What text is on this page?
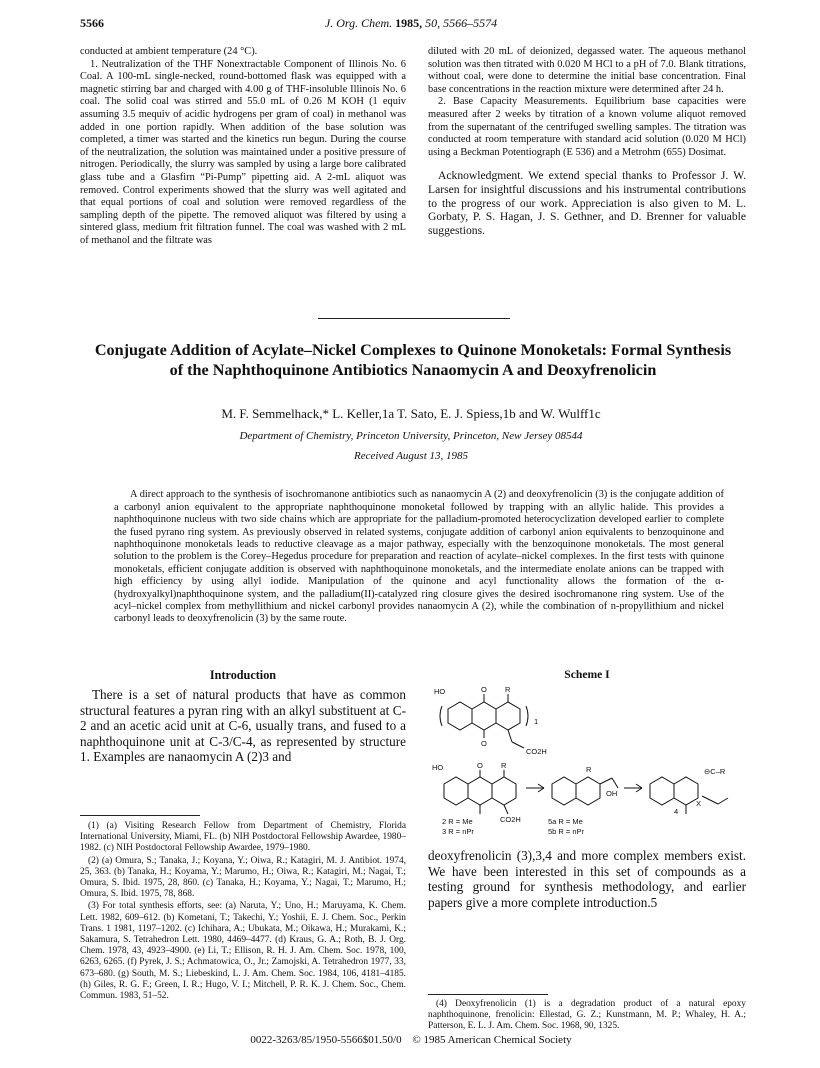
5566	J. Org. Chem. 1985, 50, 5566–5574

conducted at ambient temperature (24 °C).

1. Neutralization of the THF Nonextractable Component of Illinois No. 6 Coal. A 100-mL single-necked, round-bottomed flask was equipped with a magnetic stirring bar and charged with 4.00 g of THF-insoluble Illinois No. 6 coal. The solid coal was stirred and 55.0 mL of 0.26 M KOH (1 equiv assuming 3.5 mequiv of acidic hydrogens per gram of coal) in methanol was added in one portion rapidly. When addition of the base solution was completed, a timer was started and the kinetics run begun. During the course of the neutralization, the solution was maintained under a positive pressure of nitrogen. Periodically, the slurry was sampled by using a large bore calibrated glass tube and a Glasfirn “Pi-Pump” pipetting aid. A 2-mL aliquot was removed. Control experiments showed that the slurry was well agitated and that equal portions of coal and solution were removed regardless of the sampling depth of the pipette. The removed aliquot was filtered by using a sintered glass, medium frit filtration funnel. The coal was washed with 2 mL of methanol and the filtrate was

diluted with 20 mL of deionized, degassed water. The aqueous methanol solution was then titrated with 0.020 M HCl to a pH of 7.0. Blank titrations, without coal, were done to determine the initial base concentration. Final base concentrations in the reaction mixture were determined after 24 h.

2. Base Capacity Measurements. Equilibrium base capacities were measured after 2 weeks by titration of a known volume aliquot removed from the supernatant of the centrifuged swelling samples. The titration was conducted at room temperature with standard acid solution (0.020 M HCl) using a Beckman Potentiograph (E 536) and a Metrohm (655) Dosimat.

Acknowledgment. We extend special thanks to Professor J. W. Larsen for insightful discussions and his instrumental contributions to the progress of our work. Appreciation is also given to M. L. Gorbaty, P. S. Hagan, J. S. Gethner, and D. Brenner for valuable suggestions.

Conjugate Addition of Acylate–Nickel Complexes to Quinone Monoketals: Formal Synthesis of the Naphthoquinone Antibiotics Nanaomycin A and Deoxyfrenolicin
M. F. Semmelhack,* L. Keller,1a T. Sato, E. J. Spiess,1b and W. Wulff1c
Department of Chemistry, Princeton University, Princeton, New Jersey 08544
Received August 13, 1985

A direct approach to the synthesis of isochromanone antibiotics such as nanaomycin A (2) and deoxyfrenolicin (3) is the conjugate addition of a carbonyl anion equivalent to the appropriate naphthoquinone monoketal followed by trapping with an allylic halide. This provides a naphthoquinone nucleus with two side chains which are appropriate for the palladium-promoted heterocyclization developed earlier to complete the fused pyrano ring system. As previously observed in related systems, conjugate addition of carbonyl anion equivalents to benzoquinone and naphthoquinone monoketals leads to reductive cleavage as a major pathway, especially with the benzoquinone monoketals. The most general solution to the problem is the Corey–Hegedus procedure for preparation and reaction of acylate–nickel complexes. In the first tests with quinone monoketals, efficient conjugate addition is observed with naphthoquinone monoketals, and the intermediate enolate anions can be trapped with high efficiency by using allyl iodide. Manipulation of the quinone and acyl functionality allows the formation of the α-(hydroxyalkyl)naphthoquinone system, and the palladium(II)-catalyzed ring closure gives the desired isochromanone ring system. Use of the acyl–nickel complex from methyllithium and nickel carbonyl provides nanaomycin A (2), while the combination of n-propyllithium and nickel carbonyl leads to deoxyfrenolicin (3) by the same route.

Introduction

There is a set of natural products that have as common structural features a pyran ring with an alkyl substituent at C-2 and an acetic acid unit at C-6, usually trans, and fused to a naphthoquinone unit at C-3/C-4, as represented by structure 1. Examples are nanaomycin A (2)3 and

(1) (a) Visiting Research Fellow from Department of Chemistry, Florida International University, Miami, FL. (b) NIH Postdoctoral Fellowship Awardee, 1980–1982. (c) NIH Postdoctoral Fellowship Awardee, 1979–1980.

(2) (a) Omura, S.; Tanaka, J.; Koyana, Y.; Oiwa, R.; Katagiri, M. J. Antibiot. 1974, 25, 363. (b) Tanaka, H.; Koyama, Y.; Marumo, H.; Oiwa, R.; Katagiri, M.; Nagai, T.; Omura, S. Ibid. 1975, 28, 860. (c) Tanaka, H.; Koyama, Y.; Nagai, T.; Marumo, H.; Omura, S. Ibid. 1975, 78, 868.

(3) For total synthesis efforts, see: (a) Naruta, Y.; Uno, H.; Maruyama, K. Chem. Lett. 1982, 609–612. (b) Kometani, T.; Takechi, Y.; Yoshii, E. J. Chem. Soc., Perkin Trans. 1 1981, 1197–1202. (c) Ichihara, A.; Ubukata, M.; Oikawa, H.; Murakami, K.; Sakamura, S. Tetrahedron Lett. 1980, 4469–4477. (d) Kraus, G. A.; Roth, B. J. Org. Chem. 1978, 43, 4923–4900. (e) Li, T.; Ellison, R. H. J. Am. Chem. Soc. 1978, 100, 6263, 6265. (f) Pyrek, J. S.; Achmatowica, O., Jr.; Zamojski, A. Tetrahedron 1977, 33, 673–680. (g) South, M. S.; Liebeskind, L. J. Am. Chem. Soc. 1984, 106, 4181–4185. (h) Giles, R. G. F.; Green, I. R.; Hugo, V. I.; Mitchell, P. R. K. J. Chem. Soc., Chem. Commun. 1983, 51–52.

Scheme I
HO	O R
1
O
CO2H
HO	O R
CO2H
2 R = Me
3 R = nPr
R
OH
5a R = Me
5b R = nPr
⊖C–R
X
4

deoxyfrenolicin (3),3,4 and more complex members exist. We have been interested in this set of compounds as a testing ground for synthesis methodology, and earlier papers give a more complete introduction.5

(4) Deoxyfrenolicin (1) is a degradation product of a natural epoxy naphthoquinone, frenolicin: Ellestad, G. Z.; Kunstmann, M. P.; Whaley, H. A.; Patterson, E. L. J. Am. Chem. Soc. 1968, 90, 1325.

0022-3263/85/1950-5566$01.50/0 © 1985 American Chemical Society
